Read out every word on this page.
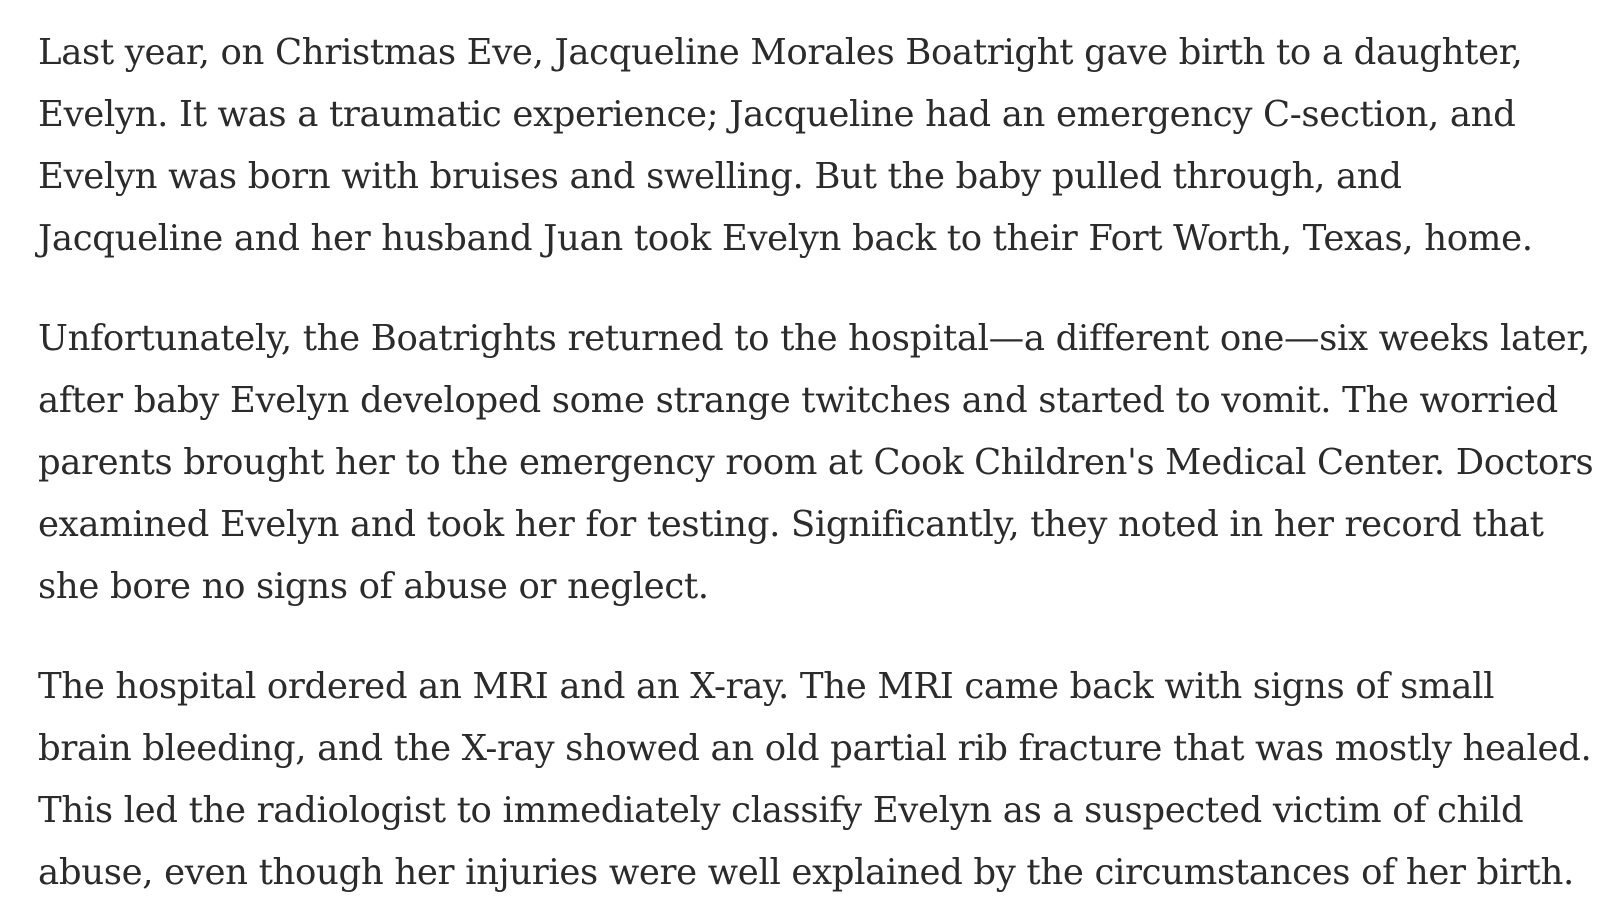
Last year, on Christmas Eve, Jacqueline Morales Boatright gave birth to a daughter,
Evelyn. It was a traumatic experience; Jacqueline had an emergency C-section, and
Evelyn was born with bruises and swelling. But the baby pulled through, and
Jacqueline and her husband Juan took Evelyn back to their Fort Worth, Texas, home.

Unfortunately, the Boatrights returned to the hospital—a different one—six weeks later,
after baby Evelyn developed some strange twitches and started to vomit. The worried
parents brought her to the emergency room at Cook Children's Medical Center. Doctors
examined Evelyn and took her for testing. Significantly, they noted in her record that
she bore no signs of abuse or neglect.

The hospital ordered an MRI and an X-ray. The MRI came back with signs of small
brain bleeding, and the X-ray showed an old partial rib fracture that was mostly healed.
This led the radiologist to immediately classify Evelyn as a suspected victim of child
abuse, even though her injuries were well explained by the circumstances of her birth.
